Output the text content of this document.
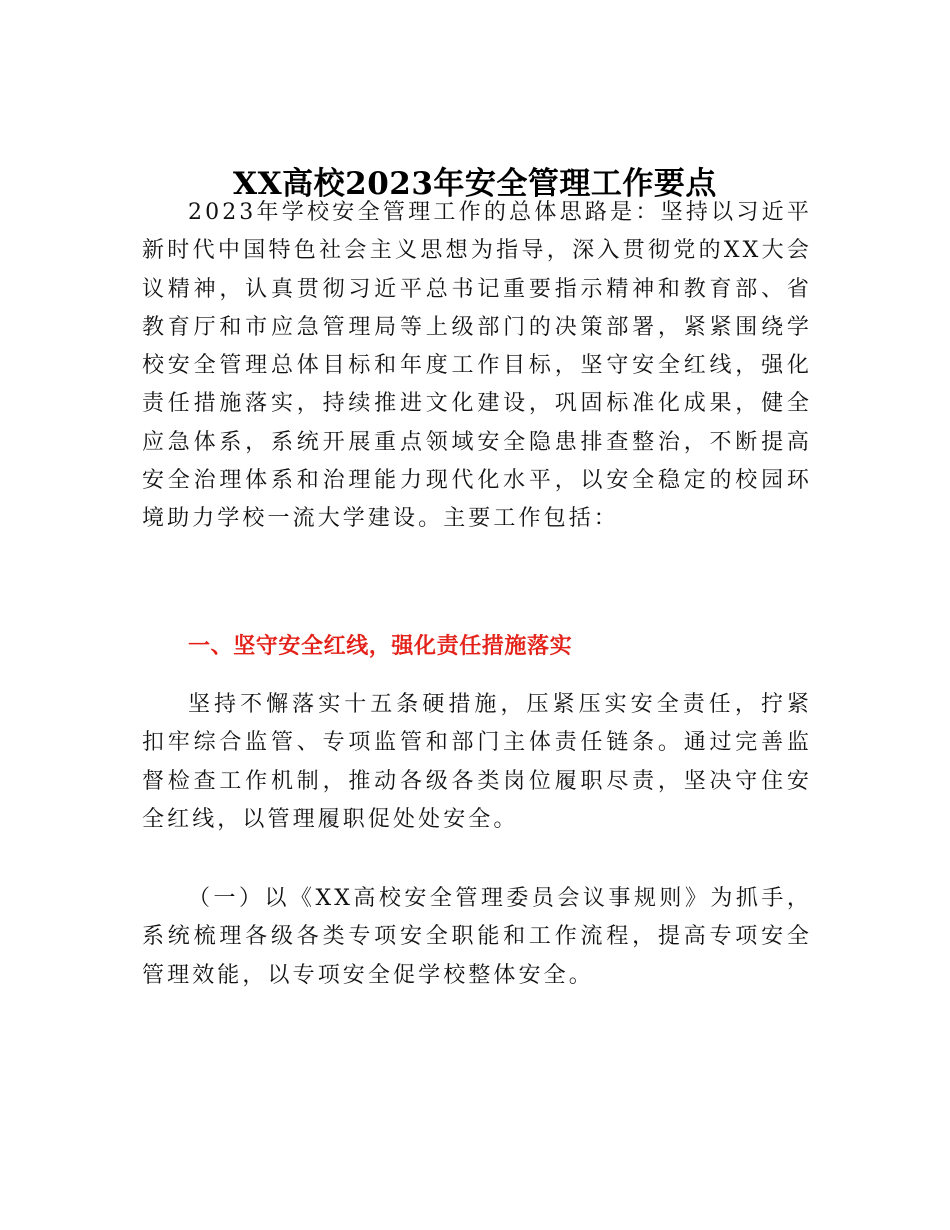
XX高校2023年安全管理工作要点

2023年学校安全管理工作的总体思路是：坚持以习近平新时代中国特色社会主义思想为指导，深入贯彻党的XX大会议精神，认真贯彻习近平总书记重要指示精神和教育部、省教育厅和市应急管理局等上级部门的决策部署，紧紧围绕学校安全管理总体目标和年度工作目标，坚守安全红线，强化责任措施落实，持续推进文化建设，巩固标准化成果，健全应急体系，系统开展重点领域安全隐患排查整治，不断提高安全治理体系和治理能力现代化水平，以安全稳定的校园环境助力学校一流大学建设。主要工作包括：

一、坚守安全红线，强化责任措施落实

坚持不懈落实十五条硬措施，压紧压实安全责任，拧紧扣牢综合监管、专项监管和部门主体责任链条。通过完善监督检查工作机制，推动各级各类岗位履职尽责，坚决守住安全红线，以管理履职促处处安全。

（一）以《XX高校安全管理委员会议事规则》为抓手，系统梳理各级各类专项安全职能和工作流程，提高专项安全管理效能，以专项安全促学校整体安全。
